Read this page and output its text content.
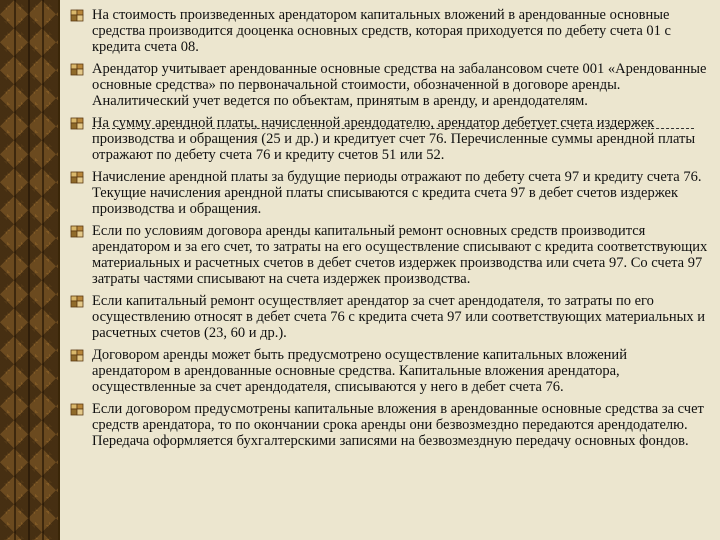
На стоимость произведенных арендатором капитальных вложений в арендованные основные средства производится дооценка основных средств, которая приходуется по дебету счета 01 с кредита счета 08.
Арендатор учитывает арендованные основные средства на забалансовом счете 001 «Арендованные основные средства» по первоначальной стоимости, обозначенной в договоре аренды. Аналитический учет ведется по объектам, принятым в аренду, и арендодателям.
На сумму арендной платы, начисленной арендодателю, арендатор дебетует счета издержек производства и обращения (25 и др.) и кредитует счет 76. Перечисленные суммы арендной платы отражают по дебету счета 76 и кредиту счетов 51 или 52.
Начисление арендной платы за будущие периоды отражают по дебету счета 97 и кредиту счета 76. Текущие начисления арендной платы списываются с кредита счета 97 в дебет счетов издержек производства и обращения.
Если по условиям договора аренды капитальный ремонт основных средств производится арендатором и за его счет, то затраты на его осуществление списывают с кредита соответствующих материальных и расчетных счетов в дебет счетов издержек производства или счета 97. Со счета 97 затраты частями списывают на счета издержек производства.
Если капитальный ремонт осуществляет арендатор за счет арендодателя, то затраты по его осуществлению относят в дебет счета 76 с кредита счета 97 или соответствующих материальных и расчетных счетов (23, 60 и др.).
Договором аренды может быть предусмотрено осуществление капитальных вложений арендатором в арендованные основные средства. Капитальные вложения арендатора, осуществленные за счет арендодателя, списываются у него в дебет счета 76.
Если договором предусмотрены капитальные вложения в арендованные основные средства за счет средств арендатора, то по окончании срока аренды они безвозмездно передаются арендодателю. Передача оформляется бухгалтерскими записями на безвозмездную передачу основных фондов.
